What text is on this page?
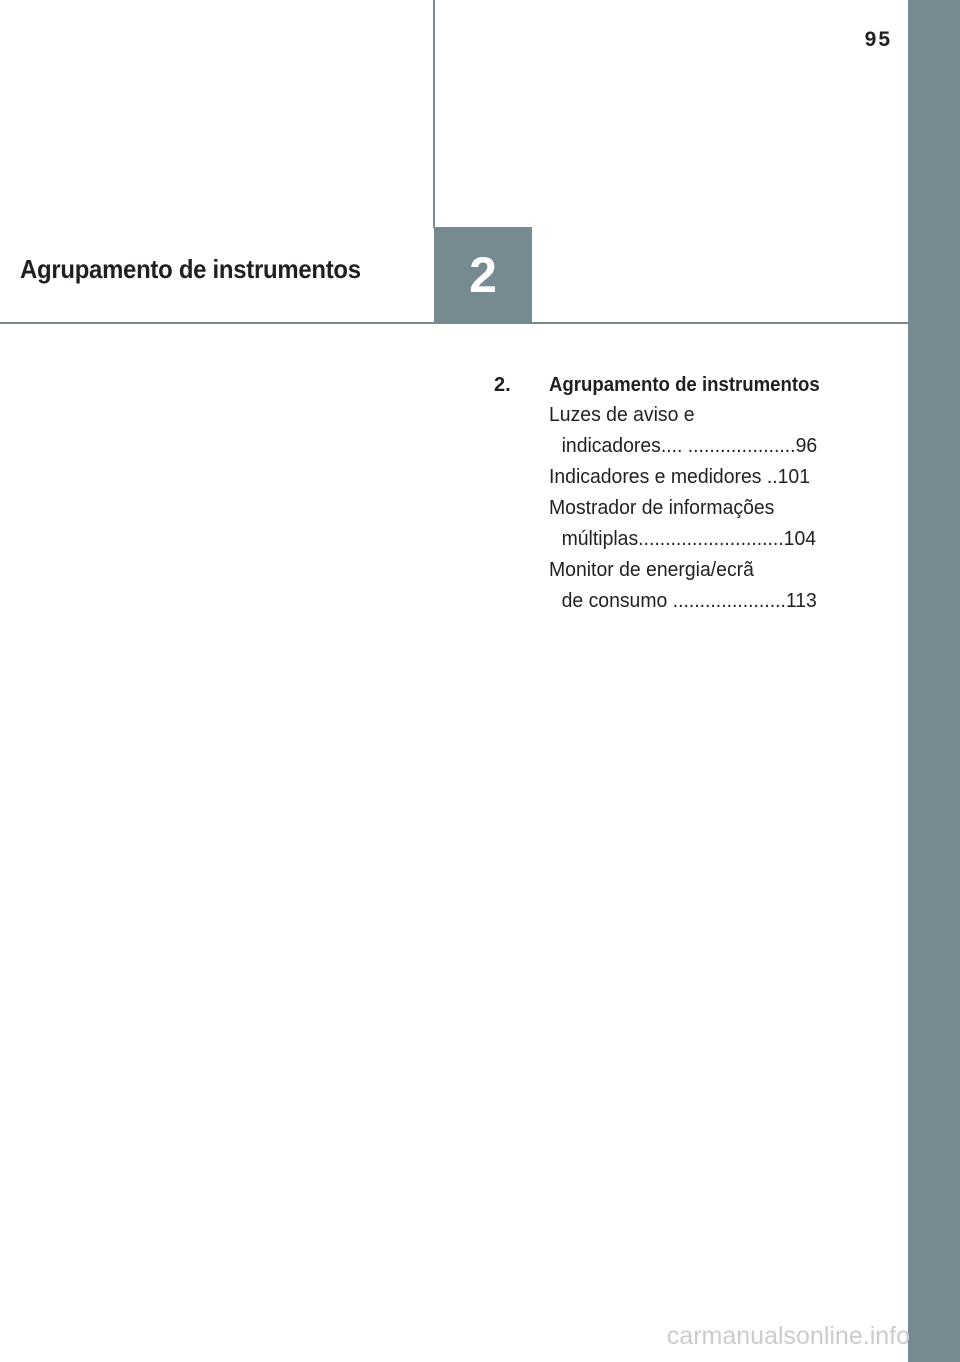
95
Agrupamento de instrumentos	2
2.	Agrupamento de instrumentos
Luzes de aviso e
indicadores.... ....................96
Indicadores e medidores ..101
Mostrador de informações
múltiplas...........................104
Monitor de energia/ecrã
de consumo .....................113
carmanualsonline.info
